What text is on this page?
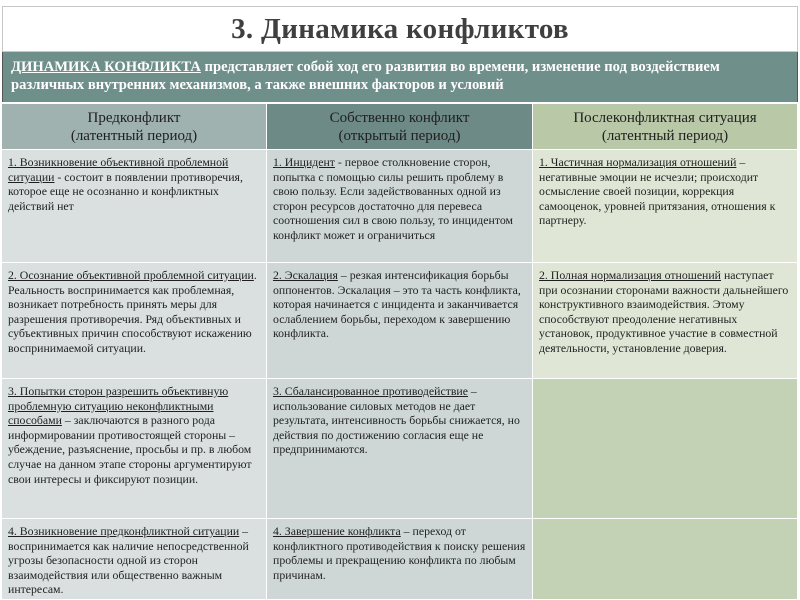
3. Динамика конфликтов
ДИНАМИКА КОНФЛИКТА представляет собой ход его развития во времени, изменение под воздействием различных внутренних механизмов, а также внешних факторов и условий
Предконфликт
(латентный период)
Собственно конфликт
(открытый период)
Послеконфликтная ситуация
(латентный период)
1. Возникновение объективной проблемной ситуации - состоит в появлении противоречия, которое еще не осознанно и конфликтных действий нет
1. Инцидент - первое столкновение сторон, попытка с помощью силы решить проблему в свою пользу. Если задействованных одной из сторон ресурсов достаточно для перевеса соотношения сил в свою пользу, то инцидентом конфликт может и ограничиться
1. Частичная нормализация отношений – негативные эмоции не исчезли; происходит осмысление своей позиции, коррекция самооценок, уровней притязания, отношения к партнеру.
2. Осознание объективной проблемной ситуации. Реальность воспринимается как проблемная, возникает потребность принять меры для разрешения противоречия. Ряд объективных и субъективных причин способствуют искажению воспринимаемой ситуации.
2. Эскалация – резкая интенсификация борьбы оппонентов. Эскалация – это та часть конфликта, которая начинается с инцидента и заканчивается ослаблением борьбы, переходом к завершению конфликта.
2. Полная нормализация отношений наступает при осознании сторонами важности дальнейшего конструктивного взаимодействия. Этому способствуют преодоление негативных установок, продуктивное участие в совместной деятельности, установление доверия.
3. Попытки сторон разрешить объективную проблемную ситуацию неконфликтными способами – заключаются в разного рода информировании противостоящей стороны – убеждение, разъяснение, просьбы и пр. в любом случае на данном этапе стороны аргументируют свои интересы и фиксируют позиции.
3. Сбалансированное противодействие – использование силовых методов не дает результата, интенсивность борьбы снижается, но действия по достижению согласия еще не предпринимаются.
4. Возникновение предконфликтной ситуации – воспринимается как наличие непосредственной угрозы безопасности одной из сторон взаимодействия или общественно важным интересам.
4. Завершение конфликта – переход от конфликтного противодействия к поиску решения проблемы и прекращению конфликта по любым причинам.
